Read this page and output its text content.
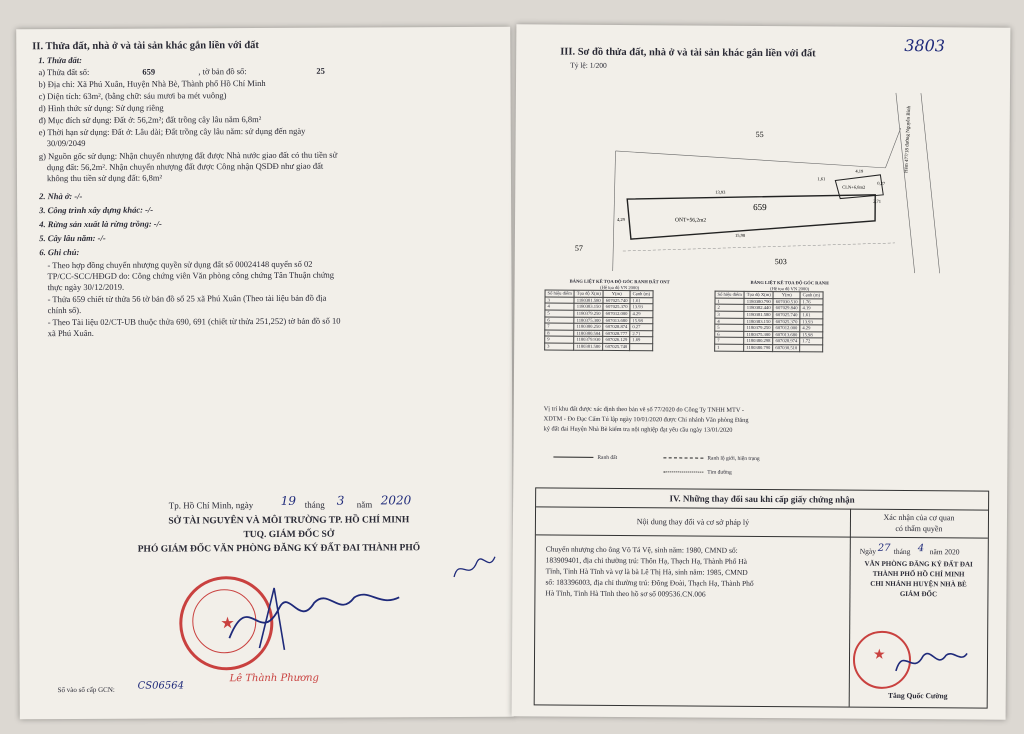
II. Thửa đất, nhà ở và tài sản khác gắn liền với đất
1. Thửa đất:
a) Thửa đất số:	659	, tờ bản đồ số:	25
b) Địa chỉ: Xã Phú Xuân, Huyện Nhà Bè, Thành phố Hồ Chí Minh
c) Diện tích: 63m², (bằng chữ: sáu mươi ba mét vuông)
d) Hình thức sử dụng: Sử dụng riêng
đ) Mục đích sử dụng: Đất ở: 56,2m²; đất trồng cây lâu năm 6,8m²
e) Thời hạn sử dụng: Đất ở: Lâu dài; Đất trồng cây lâu năm: sử dụng đến ngày
30/09/2049
g) Nguồn gốc sử dụng: Nhận chuyển nhượng đất được Nhà nước giao đất có thu tiền sử
dụng đất: 56,2m². Nhận chuyển nhượng đất được Công nhận QSDĐ như giao đất
không thu tiền sử dụng đất: 6,8m²
2. Nhà ở: -/-
3. Công trình xây dựng khác: -/-
4. Rừng sản xuất là rừng trồng: -/-
5. Cây lâu năm: -/-
6. Ghi chú:
- Theo hợp đồng chuyển nhượng quyền sử dụng đất số 00024148 quyển số 02
TP/CC-SCC/HĐGD do: Công chứng viên Văn phòng công chứng Tân Thuận chứng
thực ngày 30/12/2019.
- Thửa 659 chiết từ thửa 56 tờ bản đồ số 25 xã Phú Xuân (Theo tài liệu bản đồ địa
chính số).
- Theo Tài liệu 02/CT-UB thuộc thửa 690, 691 (chiết từ thửa 251,252) tờ bản đồ số 10
xã Phú Xuân.
Tp. Hồ Chí Minh, ngày 19 tháng 3 năm 2020
SỞ TÀI NGUYÊN VÀ MÔI TRƯỜNG TP. HỒ CHÍ MINH
TUQ. GIÁM ĐỐC SỞ
PHÓ GIÁM ĐỐC VĂN PHÒNG ĐĂNG KÝ ĐẤT ĐAI THÀNH PHỐ
★
Lê Thành Phương
Số vào sổ cấp GCN: CS06564
3803
III. Sơ đồ thửa đất, nhà ở và tài sản khác gắn liền với đất
Tỷ lệ: 1/200
55
659
57
503
ONT+56,2m2
CLN+6,8m2
13,93
15,98
4,29
1,61
4,19
0,27
2,71
Hẻm 477/18 đường Nguyễn Bình
BẢNG LIỆT KÊ TỌA ĐỘ GÓC RANH ĐẤT ONT
(Hệ tọa độ VN 2000)
Số hiệu điểm	Tọa độ X(m)	Y(m)	Cạnh (m)
3	1180381.580	607025.740	1.61
4	1180383.150	607025.370	13.93
5	1180379.250	607012.000	4.29
6	1180375.300	607013.680	15.98
7	1180380.250	607028.874	0.27
8	1180380.504	607028.777	2.71
9	1180379.930	607026.129	1.69
3	1180381.580	607025.740	
BẢNG LIỆT KÊ TỌA ĐỘ GÓC RANH
(Hệ tọa độ VN 2000)
Số hiệu điểm	Tọa độ X(m)	Y(m)	Cạnh (m)
1	1180380.790	607030.510	1.76
2	1180382.440	607029.840	4.19
3	1180381.580	607025.740	1.61
4	1180383.150	607025.370	13.93
5	1180379.250	607012.000	4.29
6	1180375.300	607013.680	15.98
7	1180380.298	607028.974	1.72
1	1180380.790	607030.510	
Vị trí khu đất được xác định theo bản vẽ số 77/2020 do Công Ty TNHH MTV -
XDTM - Đo Đạc Cẩm Tú lập ngày 10/01/2020 được Chi nhánh Văn phòng Đăng
ký đất đai Huyện Nhà Bè kiểm tra nội nghiệp đạt yêu cầu ngày 13/01/2020
Ranh đất	Ranh lộ giới, hiện trạng
Tim đường
IV. Những thay đổi sau khi cấp giấy chứng nhận
Nội dung thay đổi và cơ sở pháp lý	Xác nhận của cơ quan
có thẩm quyền
Chuyển nhượng cho ông Võ Tá Vệ, sinh năm: 1980, CMND số:
183909401, địa chỉ thường trú: Thôn Hạ, Thạch Hạ, Thành Phố Hà
Tĩnh, Tỉnh Hà Tĩnh và vợ là bà Lê Thị Hà, sinh năm: 1985, CMND
số: 183396003, địa chỉ thường trú: Đông Đoài, Thạch Hạ, Thành Phố
Hà Tĩnh, Tỉnh Hà Tĩnh theo hồ sơ số 009536.CN.006
Ngày 27 tháng 4 năm 2020
VĂN PHÒNG ĐĂNG KÝ ĐẤT ĐAI
THÀNH PHỐ HỒ CHÍ MINH
CHI NHÁNH HUYỆN NHÀ BÈ
GIÁM ĐỐC
★
Tăng Quốc Cường
